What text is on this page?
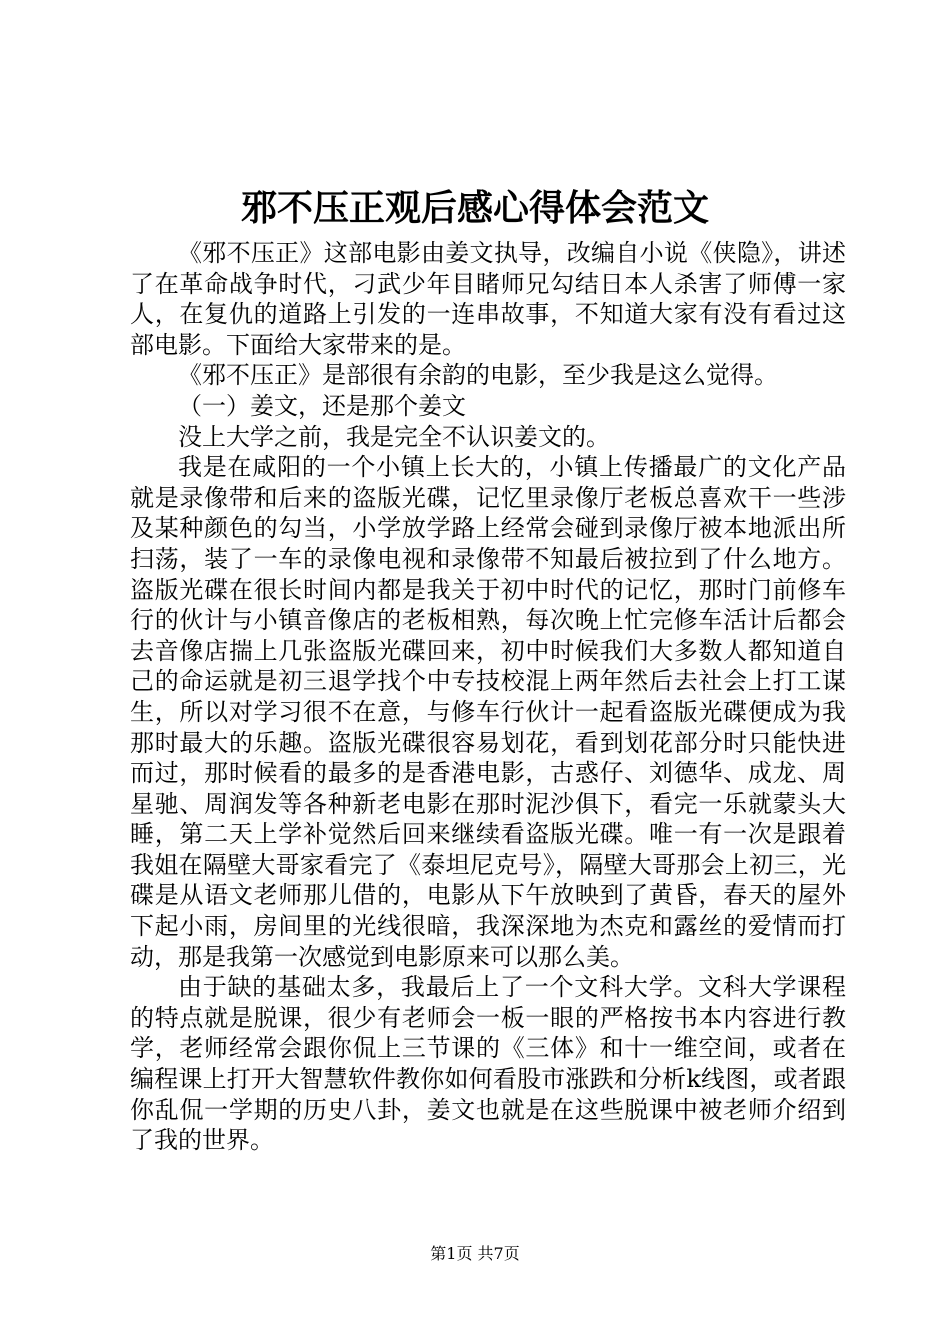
邪不压正观后感心得体会范文

《邪不压正》这部电影由姜文执导，改编自小说《侠隐》，讲述了在革命战争时代，刁武少年目睹师兄勾结日本人杀害了师傅一家人，在复仇的道路上引发的一连串故事，不知道大家有没有看过这部电影。下面给大家带来的是。

《邪不压正》是部很有余韵的电影，至少我是这么觉得。

（一）姜文，还是那个姜文

没上大学之前，我是完全不认识姜文的。

我是在咸阳的一个小镇上长大的，小镇上传播最广的文化产品就是录像带和后来的盗版光碟，记忆里录像厅老板总喜欢干一些涉及某种颜色的勾当，小学放学路上经常会碰到录像厅被本地派出所扫荡，装了一车的录像电视和录像带不知最后被拉到了什么地方。盗版光碟在很长时间内都是我关于初中时代的记忆，那时门前修车行的伙计与小镇音像店的老板相熟，每次晚上忙完修车活计后都会去音像店揣上几张盗版光碟回来，初中时候我们大多数人都知道自己的命运就是初三退学找个中专技校混上两年然后去社会上打工谋生，所以对学习很不在意，与修车行伙计一起看盗版光碟便成为我那时最大的乐趣。盗版光碟很容易划花，看到划花部分时只能快进而过，那时候看的最多的是香港电影，古惑仔、刘德华、成龙、周星驰、周润发等各种新老电影在那时泥沙俱下，看完一乐就蒙头大睡，第二天上学补觉然后回来继续看盗版光碟。唯一有一次是跟着我姐在隔壁大哥家看完了《泰坦尼克号》，隔壁大哥那会上初三，光碟是从语文老师那儿借的，电影从下午放映到了黄昏，春天的屋外下起小雨，房间里的光线很暗，我深深地为杰克和露丝的爱情而打动，那是我第一次感觉到电影原来可以那么美。

由于缺的基础太多，我最后上了一个文科大学。文科大学课程的特点就是脱课，很少有老师会一板一眼的严格按书本内容进行教学，老师经常会跟你侃上三节课的《三体》和十一维空间，或者在编程课上打开大智慧软件教你如何看股市涨跌和分析k线图，或者跟你乱侃一学期的历史八卦，姜文也就是在这些脱课中被老师介绍到了我的世界。

第1页 共7页
